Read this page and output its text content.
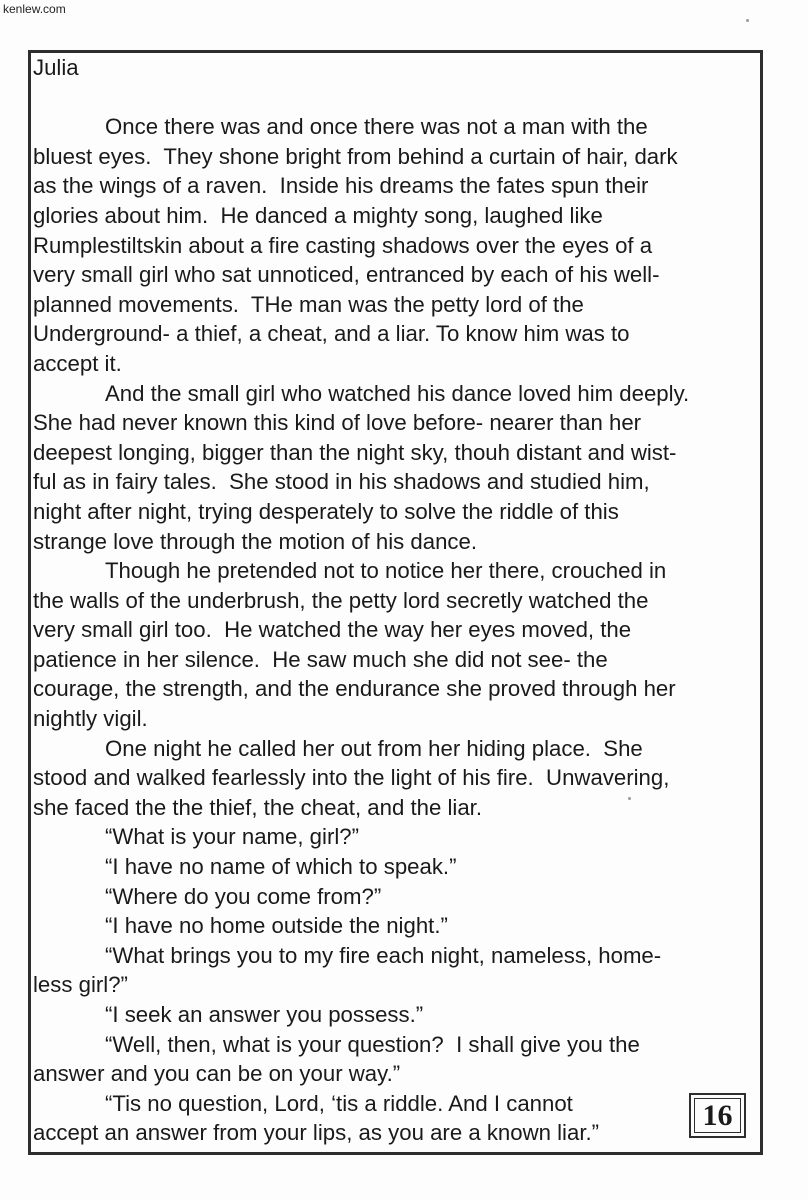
kenlew.com
Julia
Once there was and once there was not a man with the
bluest eyes.  They shone bright from behind a curtain of hair, dark
as the wings of a raven.  Inside his dreams the fates spun their
glories about him.  He danced a mighty song, laughed like
Rumplestiltskin about a fire casting shadows over the eyes of a
very small girl who sat unnoticed, entranced by each of his well-
planned movements.  THe man was the petty lord of the
Underground- a thief, a cheat, and a liar. To know him was to
accept it.
And the small girl who watched his dance loved him deeply.
She had never known this kind of love before- nearer than her
deepest longing, bigger than the night sky, thouh distant and wist-
ful as in fairy tales.  She stood in his shadows and studied him,
night after night, trying desperately to solve the riddle of this
strange love through the motion of his dance.
Though he pretended not to notice her there, crouched in
the walls of the underbrush, the petty lord secretly watched the
very small girl too.  He watched the way her eyes moved, the
patience in her silence.  He saw much she did not see- the
courage, the strength, and the endurance she proved through her
nightly vigil.
One night he called her out from her hiding place.  She
stood and walked fearlessly into the light of his fire.  Unwavering,
she faced the the thief, the cheat, and the liar.
“What is your name, girl?”
“I have no name of which to speak.”
“Where do you come from?”
“I have no home outside the night.”
“What brings you to my fire each night, nameless, home-
less girl?”
“I seek an answer you possess.”
“Well, then, what is your question?  I shall give you the
answer and you can be on your way.”
“Tis no question, Lord, ‘tis a riddle. And I cannot
accept an answer from your lips, as you are a known liar.”
16
